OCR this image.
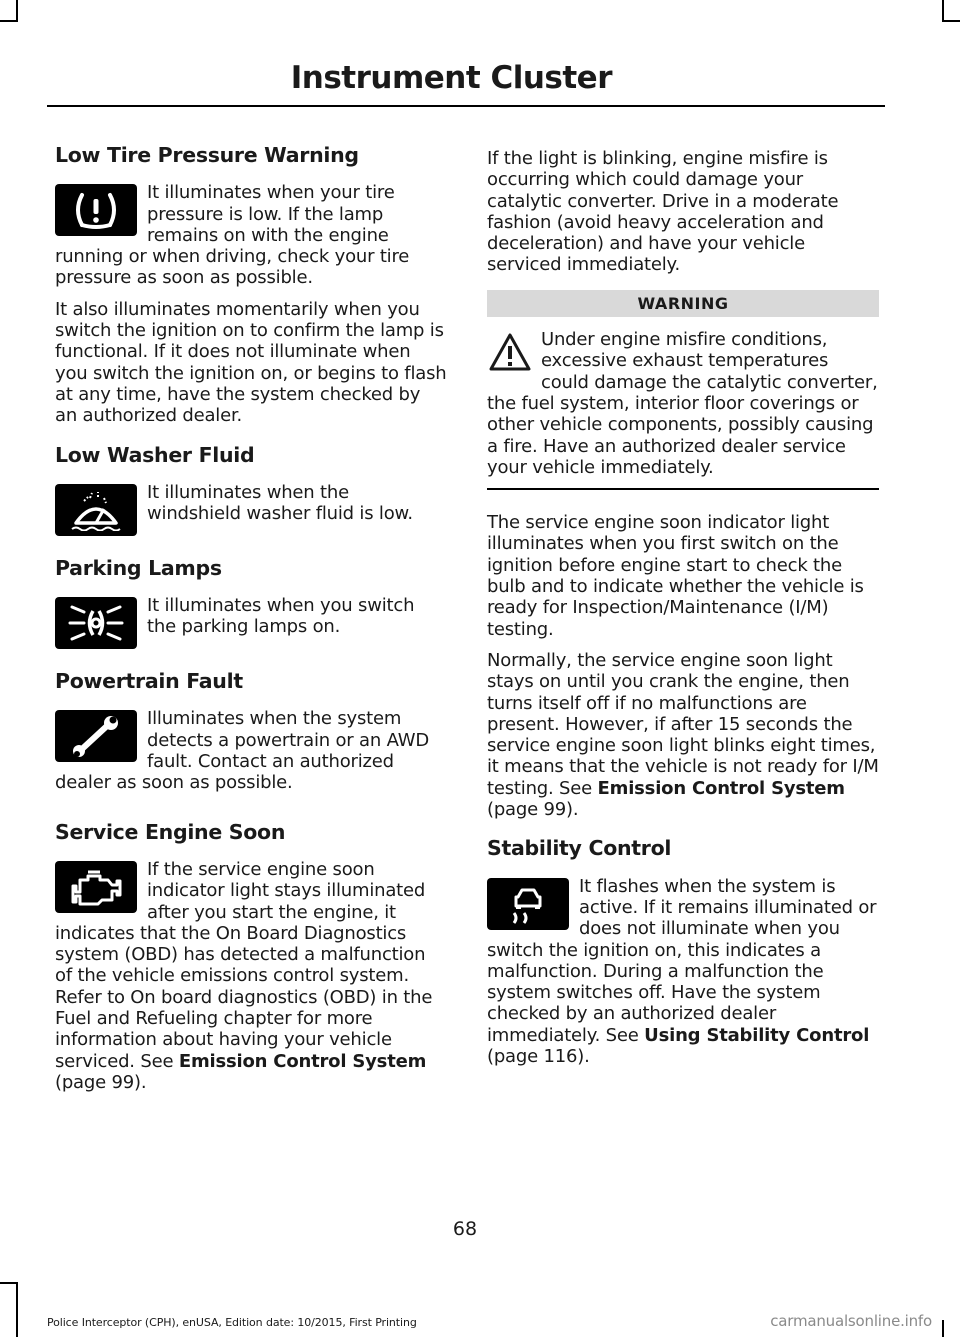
Instrument Cluster
Low Tire Pressure Warning

It illuminates when your tire pressure is low. If the lamp remains on with the engine running or when driving, check your tire pressure as soon as possible.

It also illuminates momentarily when you switch the ignition on to confirm the lamp is functional. If it does not illuminate when you switch the ignition on, or begins to flash at any time, have the system checked by an authorized dealer.

Low Washer Fluid

It illuminates when the windshield washer fluid is low.

Parking Lamps

It illuminates when you switch the parking lamps on.

Powertrain Fault

Illuminates when the system detects a powertrain or an AWD fault. Contact an authorized dealer as soon as possible.

Service Engine Soon

If the service engine soon indicator light stays illuminated after you start the engine, it indicates that the On Board Diagnostics system (OBD) has detected a malfunction of the vehicle emissions control system. Refer to On board diagnostics (OBD) in the Fuel and Refueling chapter for more information about having your vehicle serviced. See Emission Control System (page 99).

If the light is blinking, engine misfire is occurring which could damage your catalytic converter. Drive in a moderate fashion (avoid heavy acceleration and deceleration) and have your vehicle serviced immediately.

WARNING
Under engine misfire conditions, excessive exhaust temperatures could damage the catalytic converter, the fuel system, interior floor coverings or other vehicle components, possibly causing a fire. Have an authorized dealer service your vehicle immediately.

The service engine soon indicator light illuminates when you first switch on the ignition before engine start to check the bulb and to indicate whether the vehicle is ready for Inspection/Maintenance (I/M) testing.

Normally, the service engine soon light stays on until you crank the engine, then turns itself off if no malfunctions are present. However, if after 15 seconds the service engine soon light blinks eight times, it means that the vehicle is not ready for I/M testing. See Emission Control System (page 99).

Stability Control

It flashes when the system is active. If it remains illuminated or does not illuminate when you switch the ignition on, this indicates a malfunction. During a malfunction the system switches off. Have the system checked by an authorized dealer immediately. See Using Stability Control (page 116).

68
Police Interceptor (CPH), enUSA, Edition date: 10/2015, First Printing	carmanualsonline.info
